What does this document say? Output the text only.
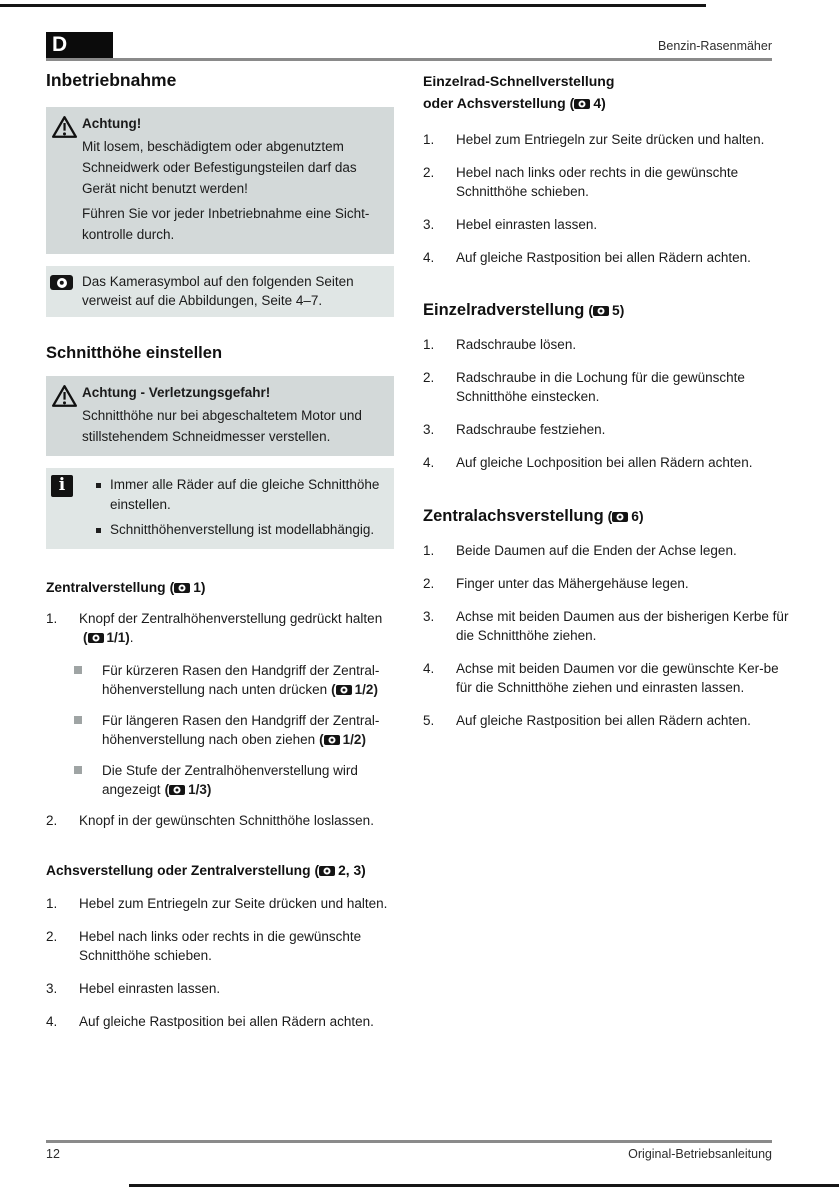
D	Benzin-Rasenmäher
Inbetriebnahme
Achtung!

Mit losem, beschädigtem oder abgenutztem Schneidwerk oder Befestigungsteilen darf das Gerät nicht benutzt werden!

Führen Sie vor jeder Inbetriebnahme eine Sicht-kontrolle durch.

Das Kamerasymbol auf den folgenden Seiten verweist auf die Abbildungen, Seite 4–7.

Schnitthöhe einstellen
Achtung - Verletzungsgefahr!

Schnitthöhe nur bei abgeschaltetem Motor und stillstehendem Schneidmesser verstellen.

i	Immer alle Räder auf die gleiche Schnitthöhe einstellen.
Schnitthöhenverstellung ist modellabhängig.
Zentralverstellung ( 1)
1.	Knopf der Zentralhöhenverstellung gedrückt halten( 1/1).
Für kürzeren Rasen den Handgriff der Zentral-höhenverstellung nach unten drücken ( 1/2)
Für längeren Rasen den Handgriff der Zentral-höhenverstellung nach oben ziehen ( 1/2)
Die Stufe der Zentralhöhenverstellung wird angezeigt ( 1/3)
2.	Knopf in der gewünschten Schnitthöhe loslassen.
Achsverstellung oder Zentralverstellung ( 2, 3)
1.	Hebel zum Entriegeln zur Seite drücken und halten.
2.	Hebel nach links oder rechts in die gewünschte Schnitthöhe schieben.
3.	Hebel einrasten lassen.
4.	Auf gleiche Rastposition bei allen Rädern achten.
Einzelrad-Schnellverstellung
oder Achsverstellung ( 4)
1.	Hebel zum Entriegeln zur Seite drücken und halten.
2.	Hebel nach links oder rechts in die gewünschte Schnitthöhe schieben.
3.	Hebel einrasten lassen.
4.	Auf gleiche Rastposition bei allen Rädern achten.
Einzelradverstellung ( 5)
1.	Radschraube lösen.
2.	Radschraube in die Lochung für die gewünschte Schnitthöhe einstecken.
3.	Radschraube festziehen.
4.	Auf gleiche Lochposition bei allen Rädern achten.
Zentralachsverstellung ( 6)
1.	Beide Daumen auf die Enden der Achse legen.
2.	Finger unter das Mähergehäuse legen.
3.	Achse mit beiden Daumen aus der bisherigen Kerbe für die Schnitthöhe ziehen.
4.	Achse mit beiden Daumen vor die gewünschte Ker-be für die Schnitthöhe ziehen und einrasten lassen.
5.	Auf gleiche Rastposition bei allen Rädern achten.
12	Original-Betriebsanleitung
